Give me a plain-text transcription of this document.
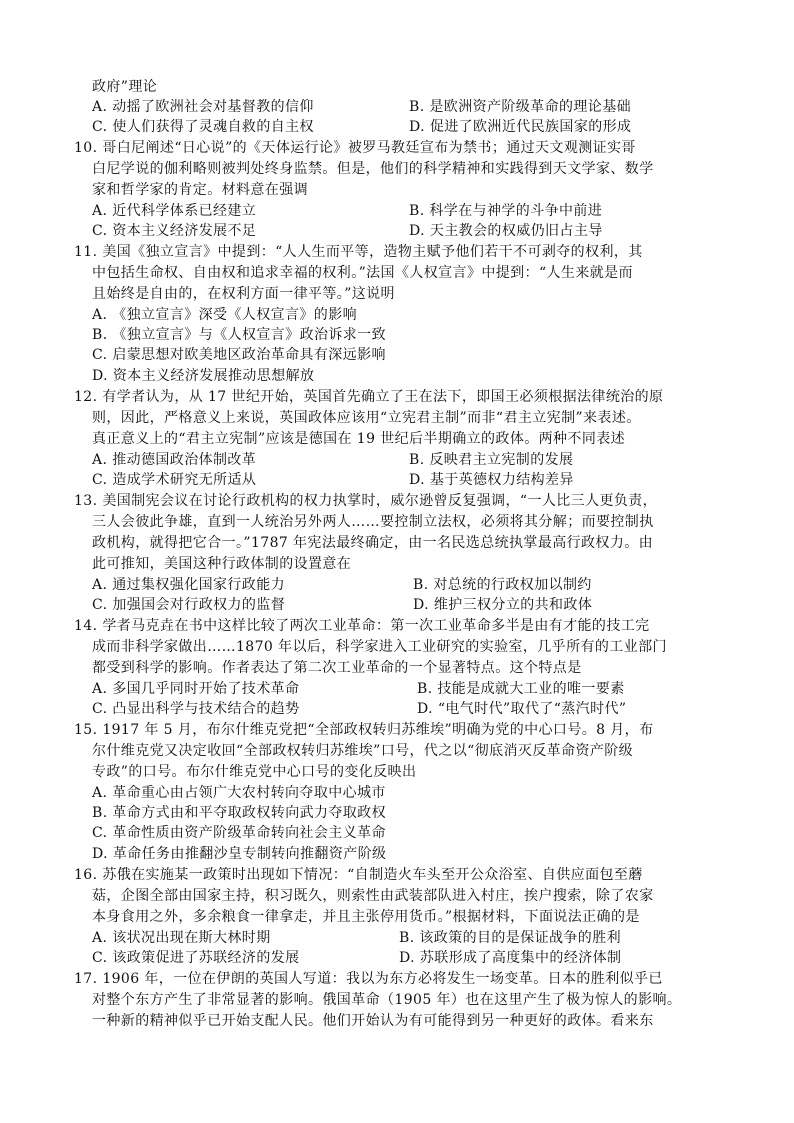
政府”理论
A. 动摇了欧洲社会对基督教的信仰	B. 是欧洲资产阶级革命的理论基础
C. 使人们获得了灵魂自救的自主权	D. 促进了欧洲近代民族国家的形成
10. 哥白尼阐述“日心说”的《天体运行论》被罗马教廷宣布为禁书；通过天文观测证实哥
白尼学说的伽利略则被判处终身监禁。但是，他们的科学精神和实践得到天文学家、数学
家和哲学家的肯定。材料意在强调
A. 近代科学体系已经建立	B. 科学在与神学的斗争中前进
C. 资本主义经济发展不足	D. 天主教会的权威仍旧占主导
11. 美国《独立宣言》中提到：“人人生而平等，造物主赋予他们若干不可剥夺的权利，其
中包括生命权、自由权和追求幸福的权利。”法国《人权宣言》中提到：“人生来就是而
且始终是自由的，在权利方面一律平等。”这说明
A. 《独立宣言》深受《人权宣言》的影响
B. 《独立宣言》与《人权宣言》政治诉求一致
C. 启蒙思想对欧美地区政治革命具有深远影响
D. 资本主义经济发展推动思想解放
12. 有学者认为，从 17 世纪开始，英国首先确立了王在法下，即国王必须根据法律统治的原
则，因此，严格意义上来说，英国政体应该用“立宪君主制”而非“君主立宪制”来表述。
真正意义上的“君主立宪制”应该是德国在 19 世纪后半期确立的政体。两种不同表述
A. 推动德国政治体制改革	B. 反映君主立宪制的发展
C. 造成学术研究无所适从	D. 基于英德权力结构差异
13. 美国制宪会议在讨论行政机构的权力执掌时，威尔逊曾反复强调，“一人比三人更负责，
三人会彼此争雄，直到一人统治另外两人……要控制立法权，必须将其分解；而要控制执
政机构，就得把它合一。”1787 年宪法最终确定，由一名民选总统执掌最高行政权力。由
此可推知，美国这种行政体制的设置意在
A. 通过集权强化国家行政能力	B. 对总统的行政权加以制约
C. 加强国会对行政权力的监督	D. 维护三权分立的共和政体
14. 学者马克垚在书中这样比较了两次工业革命：第一次工业革命多半是由有才能的技工完
成而非科学家做出……1870 年以后，科学家进入工业研究的实验室，几乎所有的工业部门
都受到科学的影响。作者表达了第二次工业革命的一个显著特点。这个特点是
A. 多国几乎同时开始了技术革命	B. 技能是成就大工业的唯一要素
C. 凸显出科学与技术结合的趋势	D. “电气时代”取代了“蒸汽时代”
15. 1917 年 5 月，布尔什维克党把“全部政权转归苏维埃”明确为党的中心口号。8 月，布
尔什维克党又决定收回“全部政权转归苏维埃”口号，代之以“彻底消灭反革命资产阶级
专政”的口号。布尔什维克党中心口号的变化反映出
A. 革命重心由占领广大农村转向夺取中心城市
B. 革命方式由和平夺取政权转向武力夺取政权
C. 革命性质由资产阶级革命转向社会主义革命
D. 革命任务由推翻沙皇专制转向推翻资产阶级
16. 苏俄在实施某一政策时出现如下情况：“自制造火车头至开公众浴室、自供应面包至蘑
菇，企图全部由国家主持，积习既久，则索性由武装部队进入村庄，挨户搜索，除了农家
本身食用之外，多余粮食一律拿走，并且主张停用货币。”根据材料，下面说法正确的是
A. 该状况出现在斯大林时期	B. 该政策的目的是保证战争的胜利
C. 该政策促进了苏联经济的发展	D. 苏联形成了高度集中的经济体制
17. 1906 年，一位在伊朗的英国人写道：我以为东方必将发生一场变革。日本的胜利似乎已
对整个东方产生了非常显著的影响。俄国革命（1905 年）也在这里产生了极为惊人的影响。
一种新的精神似乎已开始支配人民。他们开始认为有可能得到另一种更好的政体。看来东
